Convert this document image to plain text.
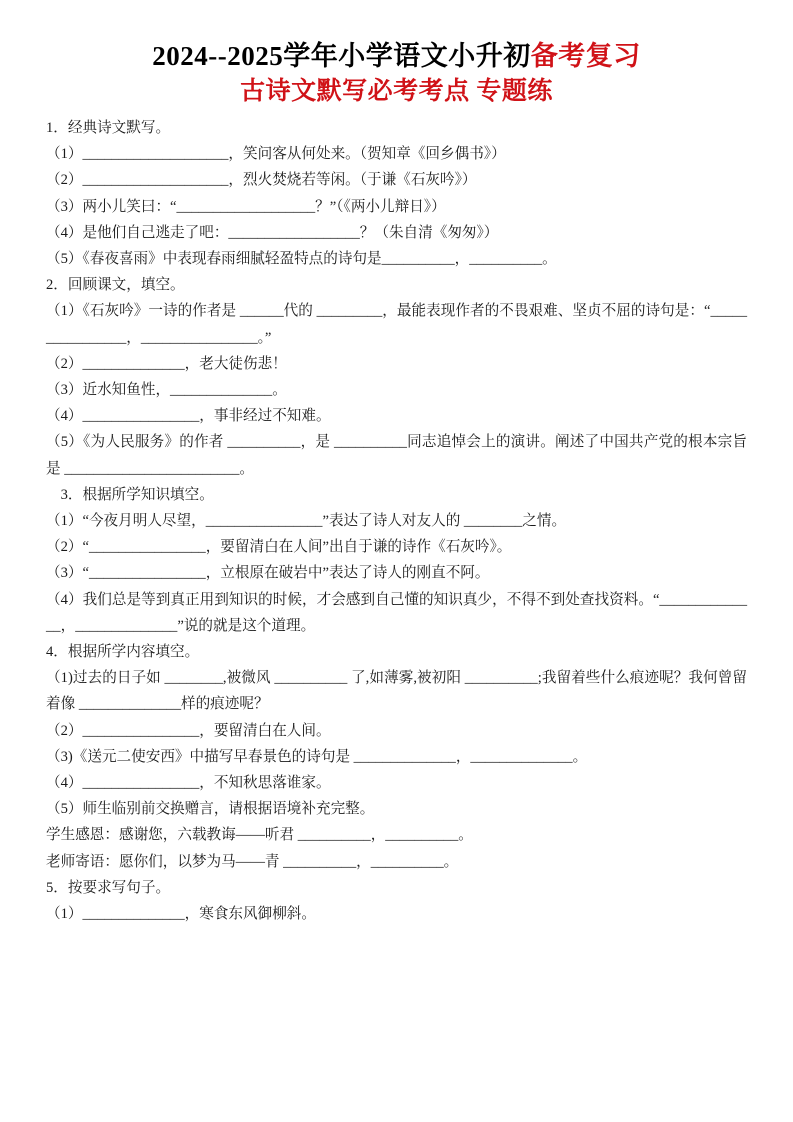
2024--2025学年小学语文小升初备考复习
古诗文默写必考考点 专题练
1．经典诗文默写。
（1）____________________，笑问客从何处来。（贺知章《回乡偶书》）
（2）____________________，烈火焚烧若等闲。（于谦《石灰吟》）
（3）两小儿笑曰：“___________________？”（《两小儿辩日》）
（4）是他们自己逃走了吧：__________________？（朱自清《匆匆》）
（5）《春夜喜雨》中表现春雨细腻轻盈特点的诗句是__________，__________。
2．回顾课文，填空。
（1）《石灰吟》一诗的作者是 ______代的 _________，最能表现作者的不畏艰难、坚贞不屈的诗句是：“________________，________________。”
（2）______________，老大徒伤悲！
（3）近水知鱼性，______________。
（4）________________，事非经过不知难。
（5）《为人民服务》的作者 __________，是 __________同志追悼会上的演讲。阐述了中国共产党的根本宗旨是 ________________________。
　3．根据所学知识填空。
（1）“今夜月明人尽望，________________”表达了诗人对友人的 ________之情。
（2）“________________，要留清白在人间”出自于谦的诗作《石灰吟》。
（3）“________________，立根原在破岩中”表达了诗人的刚直不阿。
（4）我们总是等到真正用到知识的时候，才会感到自己懂的知识真少，不得不到处查找资料。“______________，______________”说的就是这个道理。
4．根据所学内容填空。
（1)过去的日子如 ________,被微风 __________ 了,如薄雾,被初阳 __________;我留着些什么痕迹呢？我何曾留着像 ______________样的痕迹呢？
（2）________________，要留清白在人间。
（3)《送元二使安西》中描写早春景色的诗句是 ______________，______________。
（4）________________，不知秋思落谁家。
（5）师生临别前交换赠言，请根据语境补充完整。
学生感恩：感谢您，六载教诲——听君 __________，__________。
老师寄语：愿你们，以梦为马——青 __________，__________。
5．按要求写句子。
（1）______________，寒食东风御柳斜。
